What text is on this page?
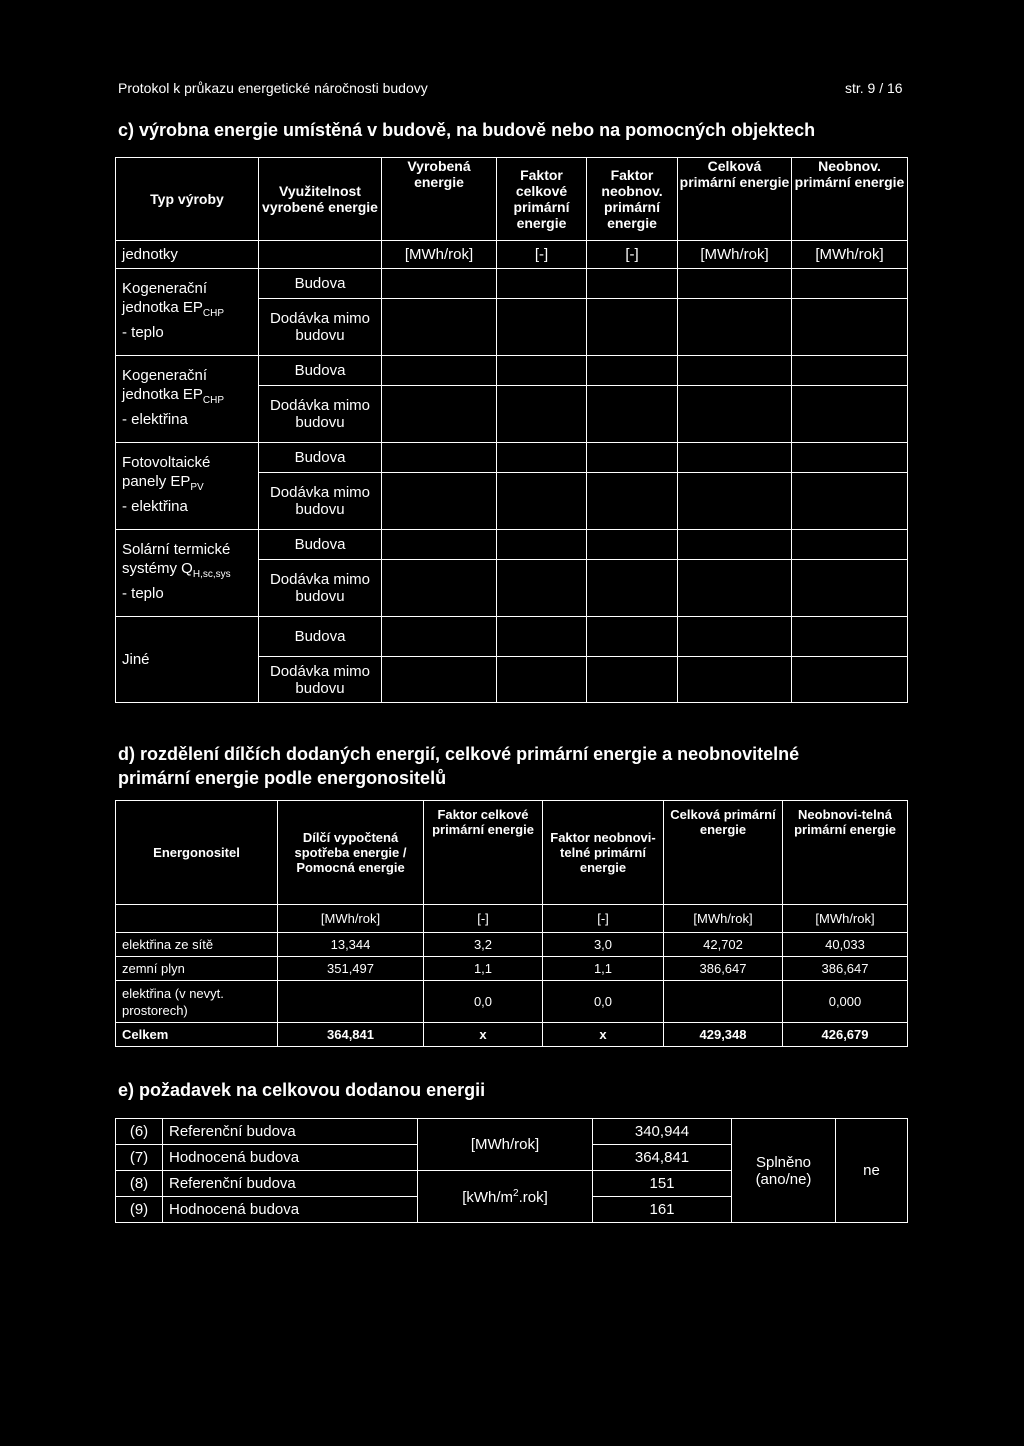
Protokol k průkazu energetické náročnosti budovy	str. 9 / 16
c) výrobna energie umístěná v budově, na budově nebo na pomocných objektech
Typ výroby	Využitelnost vyrobené energie	Vyrobená energie	Faktor celkové primární energie	Faktor neobnov. primární energie	Celková primární energie	Neobnov. primární energie
jednotky		[MWh/rok]	[-]	[-]	[MWh/rok]	[MWh/rok]

Kogenerační
jednotka $EP_{CHP}$
- teplo	Budova					
	Dodávka mimo budovu					

Kogenerační
jednotka $EP_{CHP}$
- elektřina	Budova					
	Dodávka mimo budovu					

Fotovoltaické
panely $EP_{PV}$
- elektřina	Budova					
	Dodávka mimo budovu					

Solární termické
systémy $Q_{H,sc,sys}$
- teplo	Budova					
	Dodávka mimo budovu					

Jiné	Budova					
	Dodávka mimo budovu					
d) rozdělení dílčích dodaných energií, celkové primární energie a neobnovitelné
primární energie podle energonositelů
Energonositel	Dílčí vypočtená spotřeba energie / Pomocná energie	Faktor celkové primární energie	Faktor neobnovi-telné primární energie	Celková primární energie	Neobnovi-telná primární energie
	[MWh/rok]	[-]	[-]	[MWh/rok]	[MWh/rok]
elektřina ze sítě	13,344	3,2	3,0	42,702	40,033
zemní plyn	351,497	1,1	1,1	386,647	386,647
elektřina (v nevyt. prostorech)		0,0	0,0		0,000
Celkem	364,841	x	x	429,348	426,679
e) požadavek na celkovou dodanou energii
(6)	Referenční budova	[MWh/rok]	340,944	Splněno (ano/ne)	ne
(7)	Hodnocená budova		364,841		
(8)	Referenční budova	$[kWh/m^2.rok]$	151		
(9)	Hodnocená budova		161		
